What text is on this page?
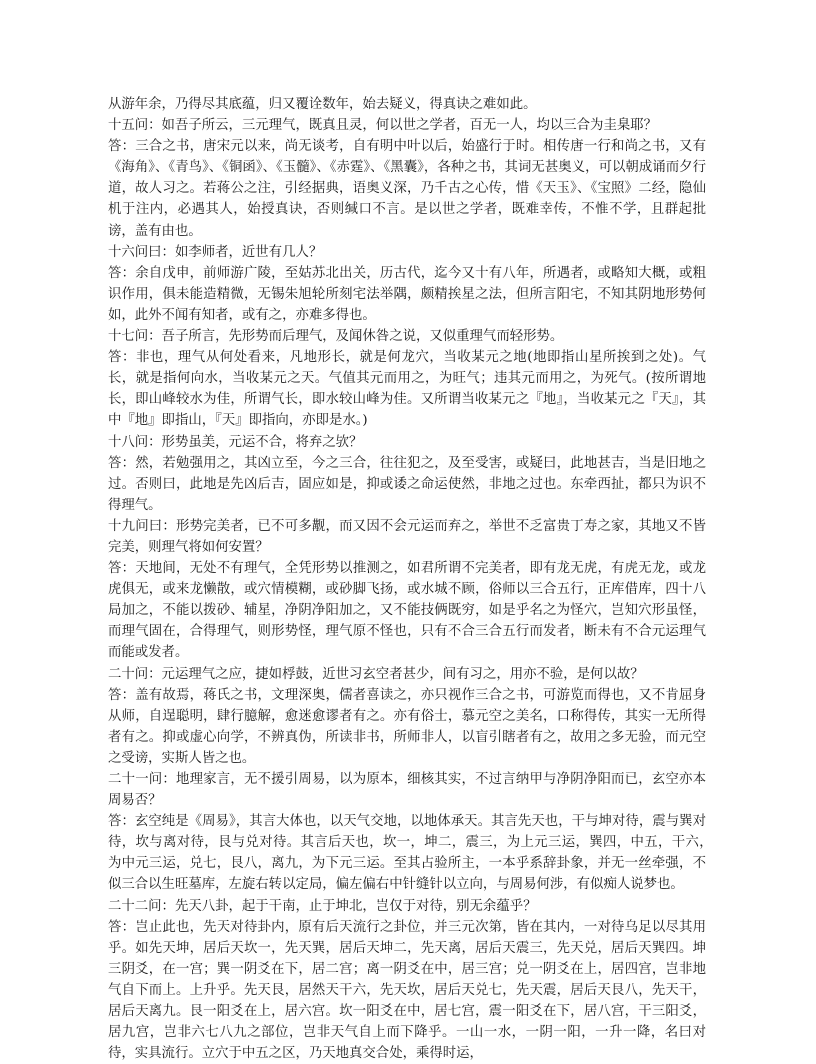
从游年余，乃得尽其底蕴，归又覆诠数年，始去疑义，得真诀之难如此。

十五问：如吾子所云，三元理气，既真且灵，何以世之学者，百无一人，均以三合为圭臬耶？

答：三合之书，唐宋元以来，尚无谈考，自有明中叶以后，始盛行于时。相传唐一行和尚之书，又有《海角》、《青鸟》、《铜函》、《玉髓》、《赤霆》、《黑囊》，各种之书，其词无甚奥义，可以朝成诵而夕行道，故人习之。若蒋公之注，引经据典，语奥义深，乃千古之心传，惜《天玉》、《宝照》二经，隐仙机于注内，必遇其人，始授真诀，否则缄口不言。是以世之学者，既难幸传，不惟不学，且群起批谤，盖有由也。

十六问曰：如李师者，近世有几人？

答：余自戊申，前师游广陵，至姑苏北出关，历古代，迄今又十有八年，所遇者，或略知大概，或粗识作用，俱未能造精微，无锡朱旭轮所刻宅法举隅，颇精挨星之法，但所言阳宅，不知其阴地形势何如，此外不闻有知者，或有之，亦难多得也。

十七问：吾子所言，先形势而后理气，及闻休咎之说，又似重理气而轻形势。

答：非也，理气从何处看来，凡地形长，就是何龙穴，当收某元之地(地即指山星所挨到之处)。气长，就是指何向水，当收某元之天。气值其元而用之，为旺气；违其元而用之，为死气。(按所谓地长，即山峰较水为佳，所谓气长，即水较山峰为佳。又所谓当收某元之『地』，当收某元之『天』，其中『地』即指山，『天』即指向，亦即是水。)

十八问：形势虽美，元运不合，将弃之欤？

答：然，若勉强用之，其凶立至，今之三合，往往犯之，及至受害，或疑曰，此地甚吉，当是旧地之过。否则曰，此地是先凶后吉，固应如是，抑或诿之命运使然，非地之过也。东牵西扯，都只为识不得理气。

十九问曰：形势完美者，已不可多觏，而又因不会元运而弃之，举世不乏富贵丁寿之家，其地又不皆完美，则理气将如何安置？

答：天地间，无处不有理气，全凭形势以推测之，如君所谓不完美者，即有龙无虎，有虎无龙，或龙虎俱无，或来龙懒散，或穴情模糊，或砂脚飞扬，或水城不顾，俗师以三合五行，正库借库，四十八局加之，不能以拨砂、辅星，净阴净阳加之，又不能技俩既穷，如是乎名之为怪穴，岂知穴形虽怪，而理气固在，合得理气，则形势怪，理气原不怪也，只有不合三合五行而发者，断未有不合元运理气而能或发者。

二十问：元运理气之应，捷如桴鼓，近世习玄空者甚少，间有习之，用亦不验，是何以故？

答：盖有故焉，蒋氏之书，文理深奥，儒者喜读之，亦只视作三合之书，可游览而得也，又不肯屈身从师，自逞聪明，肆行臆解，愈迷愈谬者有之。亦有俗士，慕元空之美名，口称得传，其实一无所得者有之。抑或虚心向学，不辨真伪，所读非书，所师非人，以盲引瞎者有之，故用之多无验，而元空之受谤，实斯人皆之也。

二十一问：地理家言，无不援引周易，以为原本，细核其实，不过言纳甲与净阴净阳而已，玄空亦本周易否？

答：玄空纯是《周易》，其言大体也，以天气交地，以地体承天。其言先天也，干与坤对待，震与巽对待，坎与离对待，艮与兑对待。其言后天也，坎一，坤二，震三，为上元三运，巽四，中五，干六，　为中元三运，兑七，艮八，离九，为下元三运。至其占验所主，一本乎系辞卦象，并无一丝牵强，不似三合以生旺墓库，左旋右转以定局，偏左偏右中针缝针以立向，与周易何涉，有似痴人说梦也。

二十二问：先天八卦，起于干南，止于坤北，岂仅于对待，别无余蕴乎？

答：岂止此也，先天对待卦内，原有后天流行之卦位，并三元次第，皆在其内，一对待乌足以尽其用乎。如先天坤，居后天坎一，先天巽，居后天坤二，先天离，居后天震三，先天兑，居后天巽四。坤三阴爻，在一宫；巽一阴爻在下，居二宫；离一阴爻在中，居三宫；兑一阴爻在上，居四宫，岂非地气自下而上。上升乎。先天艮，居然天干六，先天坎，居后天兑七，先天震，居后天艮八，先天干，居后天离九。艮一阳爻在上，居六宫。坎一阳爻在中，居七宫，震一阳爻在下，居八宫，干三阳爻，居九宫，岂非六七八九之部位，岂非天气自上而下降乎。一山一水，一阴一阳，一升一降，名曰对待，实具流行。立穴于中五之区，乃天地真交合处，乘得时运，
